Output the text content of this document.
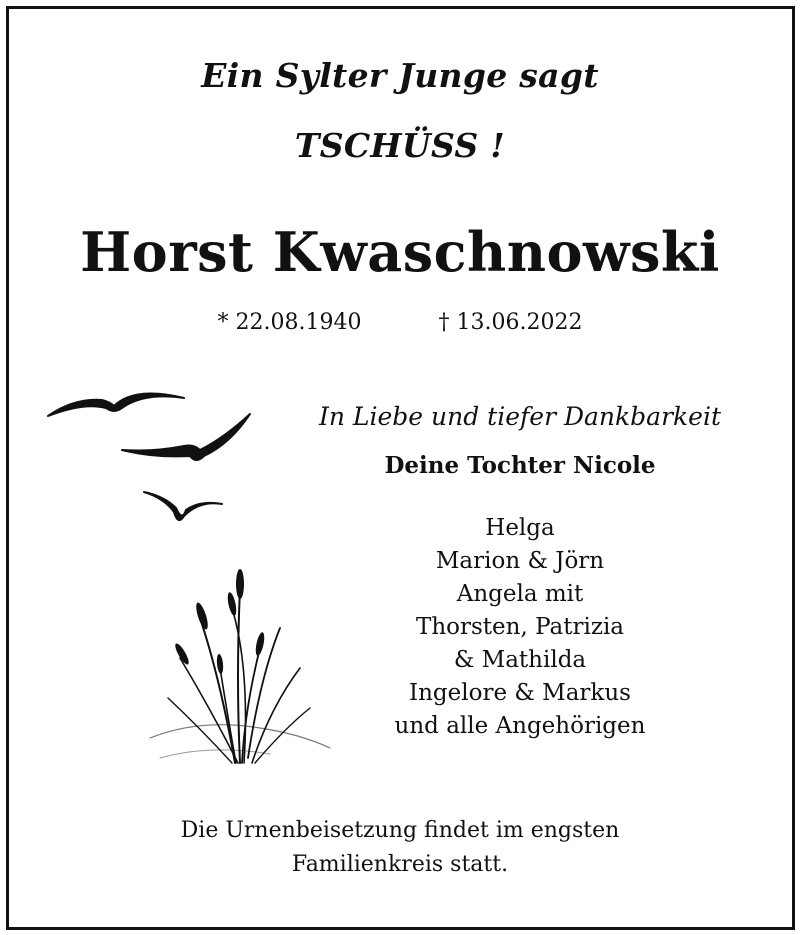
Ein Sylter Junge sagt
TSCHÜSS !
Horst Kwaschnowski
* 22.08.1940	† 13.06.2022
In Liebe und tiefer Dankbarkeit
Deine Tochter Nicole
Helga
Marion & Jörn
Angela mit
Thorsten, Patrizia
& Mathilda
Ingelore & Markus
und alle Angehörigen
Die Urnenbeisetzung findet im engsten
Familienkreis statt.
